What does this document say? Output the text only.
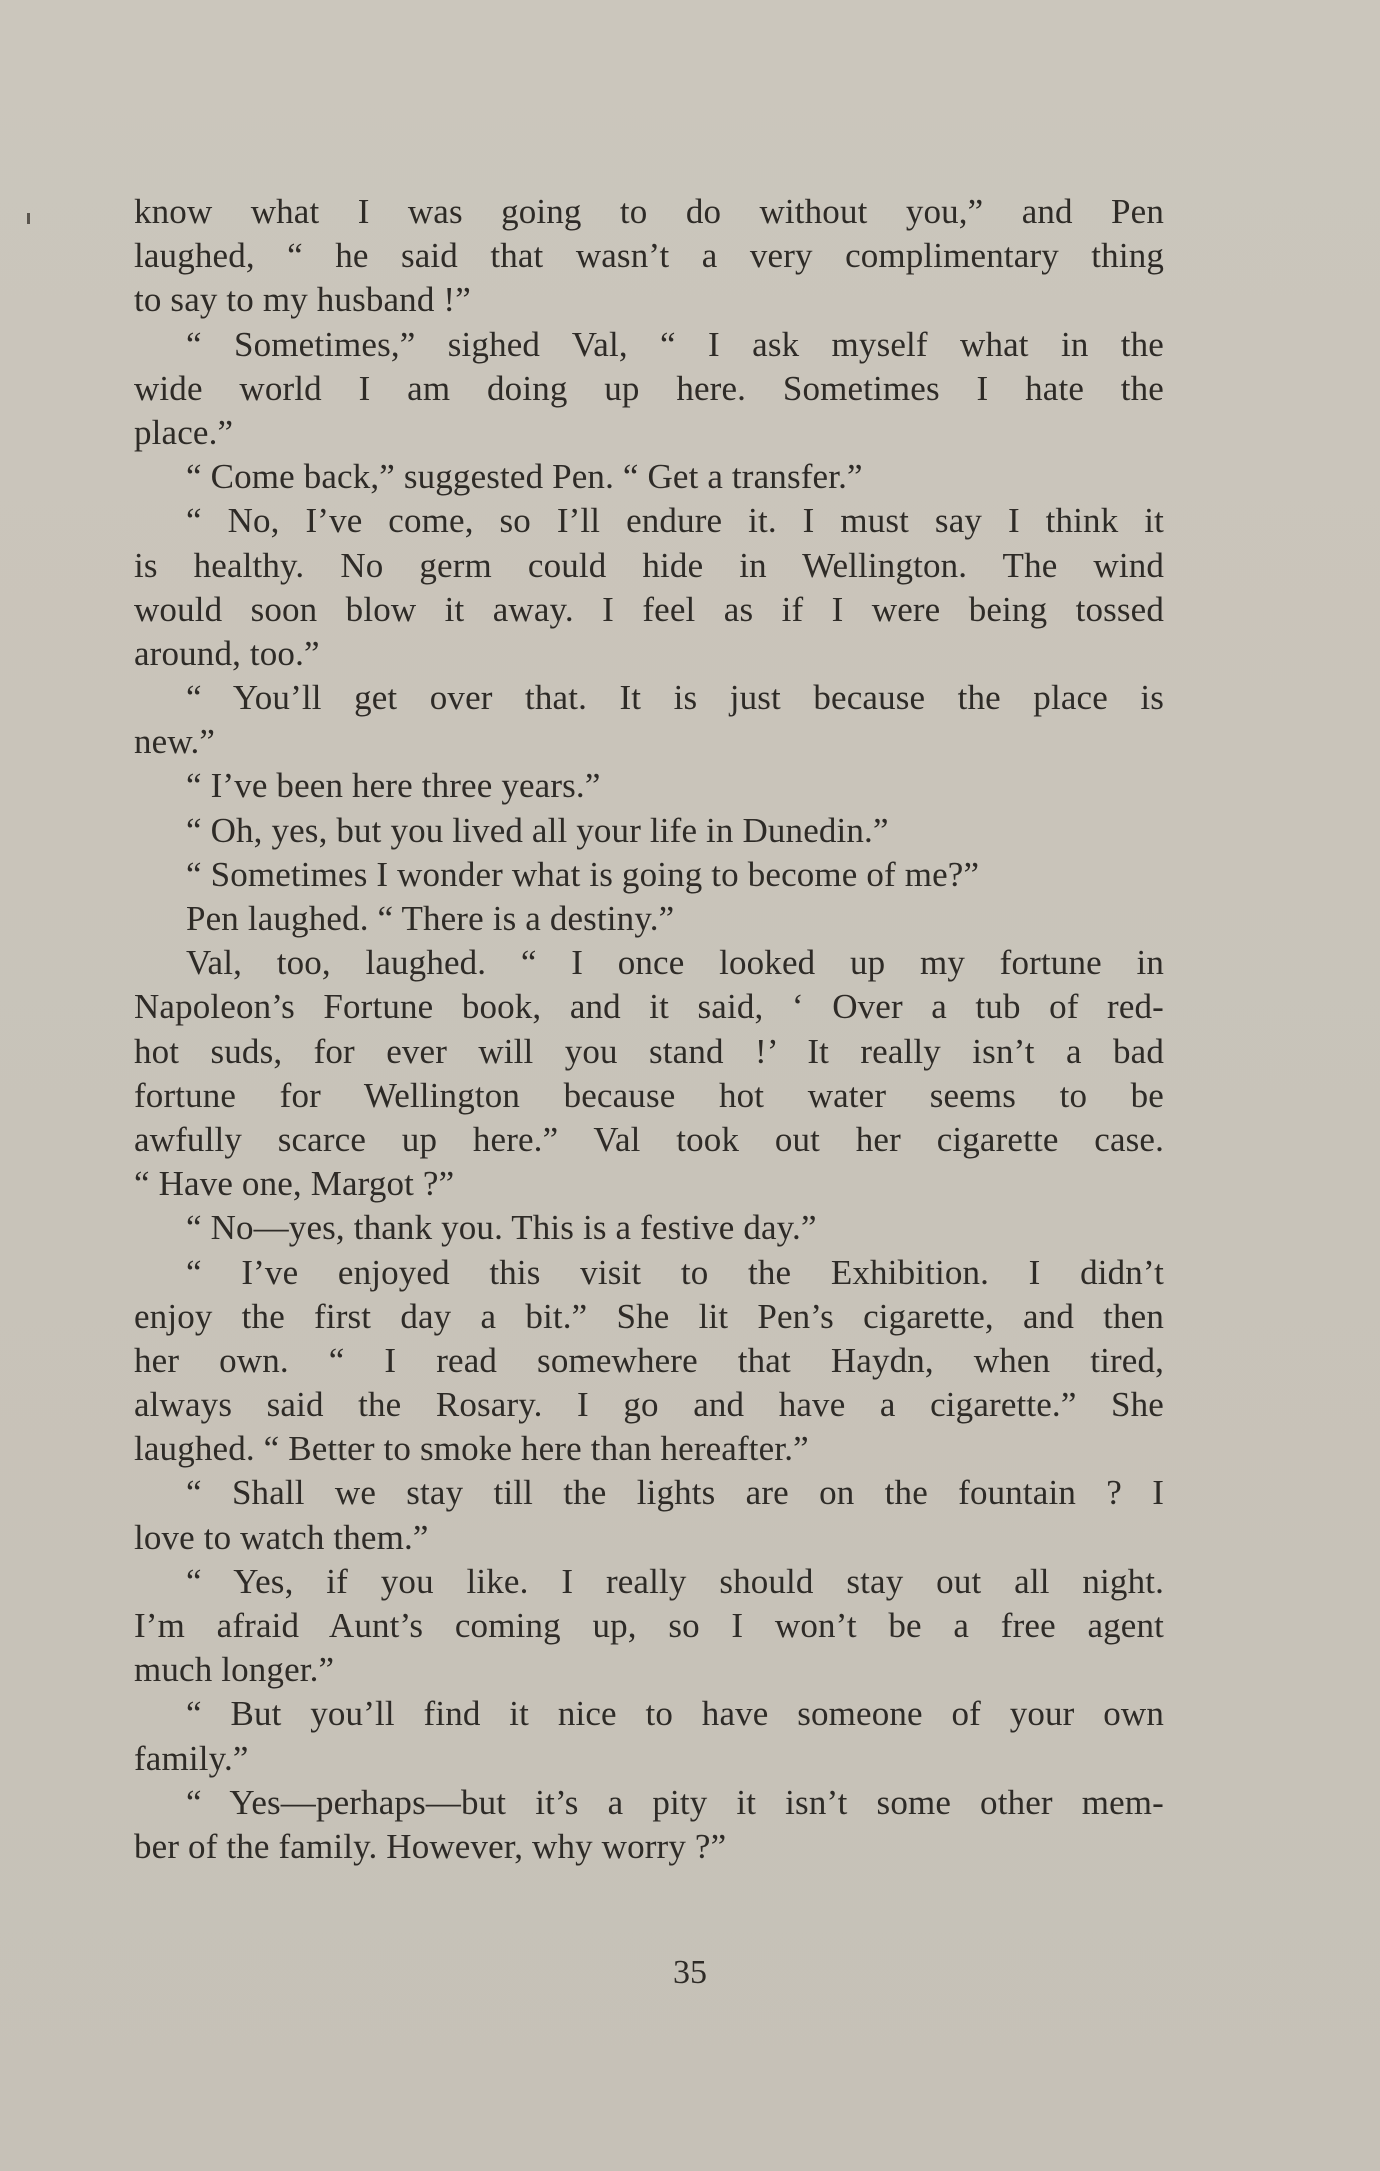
know what I was going to do without you,” and Pen
laughed, “ he said that wasn’t a very complimentary thing
to say to my husband !”
“ Sometimes,” sighed Val, “ I ask myself what in the
wide world I am doing up here. Sometimes I hate the
place.”
“ Come back,” suggested Pen. “ Get a transfer.”
“ No, I’ve come, so I’ll endure it. I must say I think it
is healthy. No germ could hide in Wellington. The wind
would soon blow it away. I feel as if I were being tossed
around, too.”
“ You’ll get over that. It is just because the place is
new.”
“ I’ve been here three years.”
“ Oh, yes, but you lived all your life in Dunedin.”
“ Sometimes I wonder what is going to become of me?”
Pen laughed. “ There is a destiny.”
Val, too, laughed. “ I once looked up my fortune in
Napoleon’s Fortune book, and it said, ‘ Over a tub of red-
hot suds, for ever will you stand !’ It really isn’t a bad
fortune for Wellington because hot water seems to be
awfully scarce up here.” Val took out her cigarette case.
“ Have one, Margot ?”
“ No—yes, thank you. This is a festive day.”
“ I’ve enjoyed this visit to the Exhibition. I didn’t
enjoy the first day a bit.” She lit Pen’s cigarette, and then
her own. “ I read somewhere that Haydn, when tired,
always said the Rosary. I go and have a cigarette.” She
laughed. “ Better to smoke here than hereafter.”
“ Shall we stay till the lights are on the fountain ? I
love to watch them.”
“ Yes, if you like. I really should stay out all night.
I’m afraid Aunt’s coming up, so I won’t be a free agent
much longer.”
“ But you’ll find it nice to have someone of your own
family.”
“ Yes—perhaps—but it’s a pity it isn’t some other mem-
ber of the family. However, why worry ?”
35
